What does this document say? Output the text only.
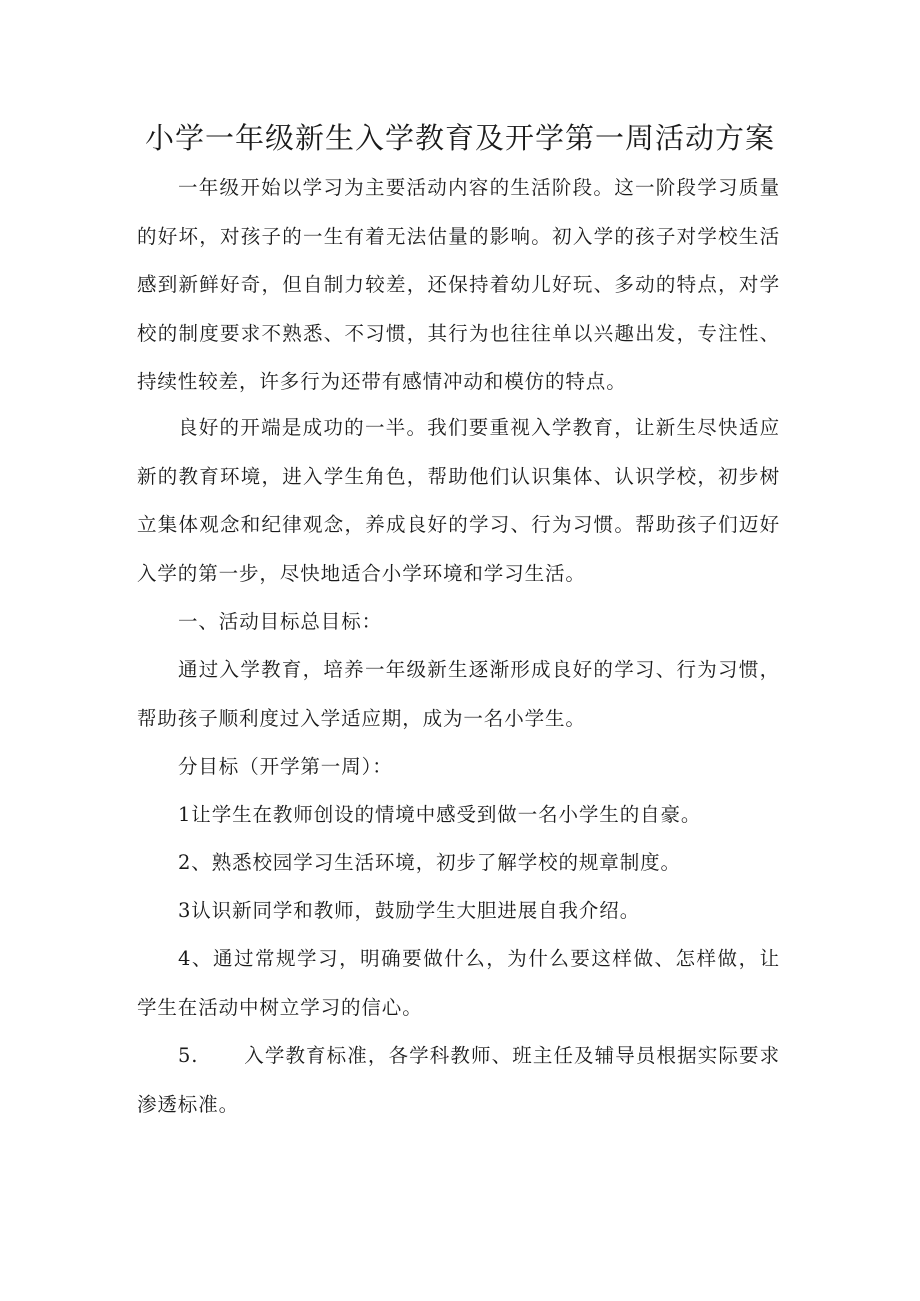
小学一年级新生入学教育及开学第一周活动方案

一年级开始以学习为主要活动内容的生活阶段。这一阶段学习质量的好坏，对孩子的一生有着无法估量的影响。初入学的孩子对学校生活感到新鲜好奇，但自制力较差，还保持着幼儿好玩、多动的特点，对学校的制度要求不熟悉、不习惯，其行为也往往单以兴趣出发，专注性、持续性较差，许多行为还带有感情冲动和模仿的特点。

良好的开端是成功的一半。我们要重视入学教育，让新生尽快适应新的教育环境，进入学生角色，帮助他们认识集体、认识学校，初步树立集体观念和纪律观念，养成良好的学习、行为习惯。帮助孩子们迈好入学的第一步，尽快地适合小学环境和学习生活。

一、活动目标总目标：

通过入学教育，培养一年级新生逐渐形成良好的学习、行为习惯，帮助孩子顺利度过入学适应期，成为一名小学生。

分目标（开学第一周）：

1让学生在教师创设的情境中感受到做一名小学生的自豪。

2、熟悉校园学习生活环境，初步了解学校的规章制度。

3认识新同学和教师，鼓励学生大胆进展自我介绍。

4、通过常规学习，明确要做什么，为什么要这样做、怎样做，让学生在活动中树立学习的信心。

5. 入学教育标准，各学科教师、班主任及辅导员根据实际要求渗透标准。
